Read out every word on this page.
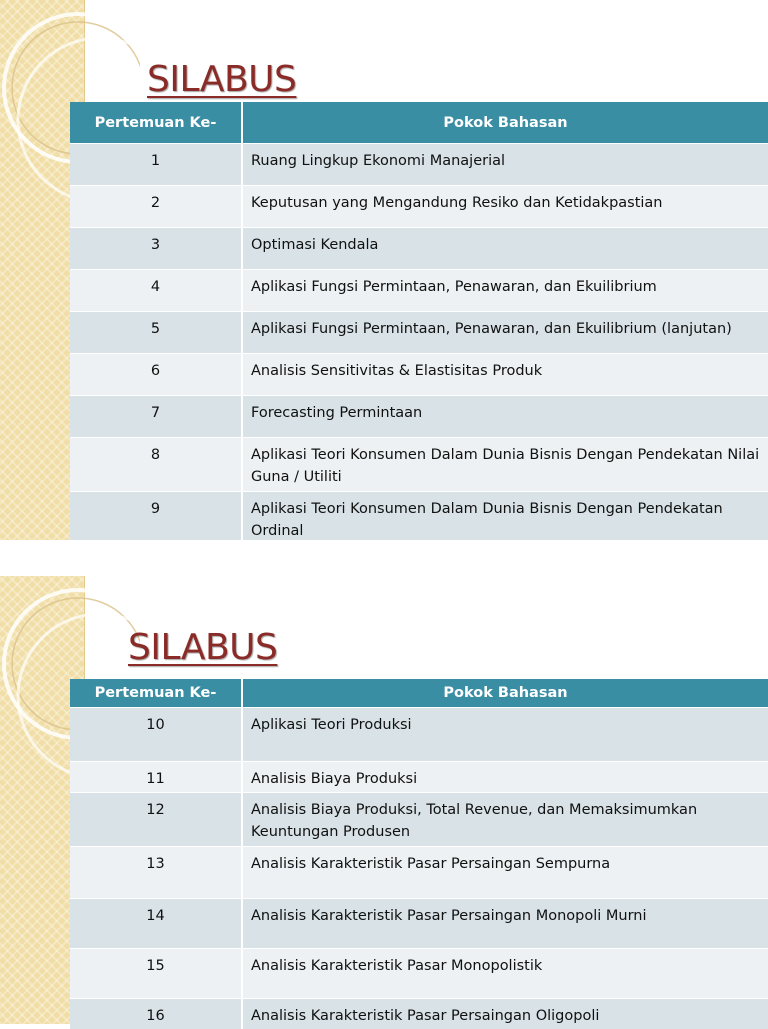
SILABUS
Pertemuan Ke-	Pokok Bahasan
1	Ruang Lingkup Ekonomi Manajerial
2	Keputusan yang Mengandung Resiko dan Ketidakpastian
3	Optimasi Kendala
4	Aplikasi Fungsi Permintaan, Penawaran, dan Ekuilibrium
5	Aplikasi Fungsi Permintaan, Penawaran, dan Ekuilibrium (lanjutan)
6	Analisis Sensitivitas & Elastisitas Produk
7	Forecasting Permintaan
8	Aplikasi Teori Konsumen Dalam Dunia Bisnis Dengan Pendekatan Nilai Guna / Utiliti
9	Aplikasi Teori Konsumen Dalam Dunia Bisnis Dengan Pendekatan Ordinal
SILABUS
Pertemuan Ke-	Pokok Bahasan
10	Aplikasi Teori Produksi
11	Analisis Biaya Produksi
12	Analisis Biaya Produksi, Total Revenue, dan Memaksimumkan Keuntungan Produsen
13	Analisis Karakteristik Pasar Persaingan Sempurna
14	Analisis Karakteristik Pasar Persaingan Monopoli Murni
15	Analisis Karakteristik Pasar Monopolistik
16	Analisis Karakteristik Pasar Persaingan Oligopoli
